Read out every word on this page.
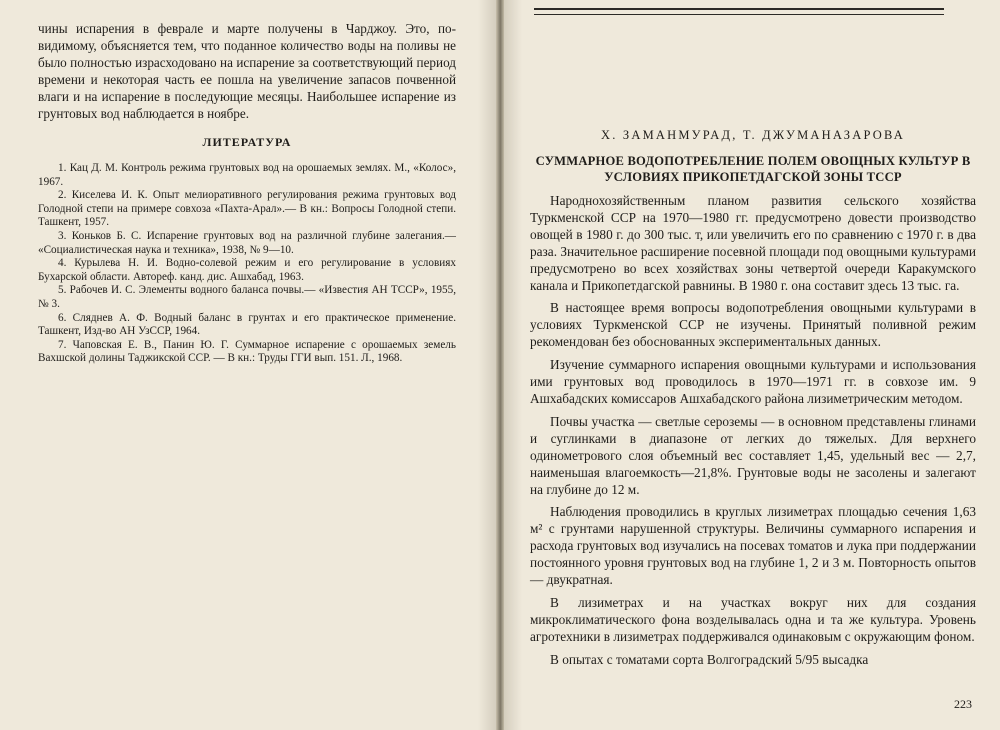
чины испарения в феврале и марте получены в Чарджоу. Это, по-видимому, объясняется тем, что поданное количество воды на поливы не было полностью израсходовано на испарение за соответствующий период времени и некоторая часть ее пошла на увеличение запасов почвенной влаги и на испарение в последующие месяцы. Наибольшее испарение из грунтовых вод наблюдается в ноябре.

ЛИТЕРАТУРА
1. Кац Д. М. Контроль режима грунтовых вод на орошаемых землях. М., «Колос», 1967.
2. Киселева И. К. Опыт мелиоративного регулирования режима грунтовых вод Голодной степи на примере совхоза «Пахта-Арал».— В кн.: Вопросы Голодной степи. Ташкент, 1957.
3. Коньков Б. С. Испарение грунтовых вод на различной глубине залегания.— «Социалистическая наука и техника», 1938, № 9—10.
4. Курылева Н. И. Водно-солевой режим и его регулирование в условиях Бухарской области. Автореф. канд. дис. Ашхабад, 1963.
5. Рабочев И. С. Элементы водного баланса почвы.— «Известия АН ТССР», 1955, № 3.
6. Сляднев А. Ф. Водный баланс в грунтах и его практическое применение. Ташкент, Изд-во АН УзССР, 1964.
7. Чаповская Е. В., Панин Ю. Г. Суммарное испарение с орошаемых земель Вахшской долины Таджикской ССР. — В кн.: Труды ГГИ вып. 151. Л., 1968.
Х. ЗАМАНМУРАД, Т. ДЖУМАНАЗАРОВА
СУММАРНОЕ ВОДОПОТРЕБЛЕНИЕ ПОЛЕМ ОВОЩНЫХ КУЛЬТУР В УСЛОВИЯХ ПРИКОПЕТДАГСКОЙ ЗОНЫ ТССР

Народнохозяйственным планом развития сельского хозяйства Туркменской ССР на 1970—1980 гг. предусмотрено довести производство овощей в 1980 г. до 300 тыс. т, или увеличить его по сравнению с 1970 г. в два раза. Значительное расширение посевной площади под овощными культурами предусмотрено во всех хозяйствах зоны четвертой очереди Каракумского канала и Прикопетдагской равнины. В 1980 г. она составит здесь 13 тыс. га.

В настоящее время вопросы водопотребления овощными культурами в условиях Туркменской ССР не изучены. Принятый поливной режим рекомендован без обоснованных экспериментальных данных.

Изучение суммарного испарения овощными культурами и использования ими грунтовых вод проводилось в 1970—1971 гг. в совхозе им. 9 Ашхабадских комиссаров Ашхабадского района лизиметрическим методом.

Почвы участка — светлые сероземы — в основном представлены глинами и суглинками в диапазоне от легких до тяжелых. Для верхнего одинометрового слоя объемный вес составляет 1,45, удельный вес — 2,7, наименьшая влагоемкость—21,8%. Грунтовые воды не засолены и залегают на глубине до 12 м.

Наблюдения проводились в круглых лизиметрах площадью сечения 1,63 м² с грунтами нарушенной структуры. Величины суммарного испарения и расхода грунтовых вод изучались на посевах томатов и лука при поддержании постоянного уровня грунтовых вод на глубине 1, 2 и 3 м. Повторность опытов — двукратная.

В лизиметрах и на участках вокруг них для создания микроклиматического фона возделывалась одна и та же культура. Уровень агротехники в лизиметрах поддерживался одинаковым с окружающим фоном.

В опытах с томатами сорта Волгоградский 5/95 высадка

223
